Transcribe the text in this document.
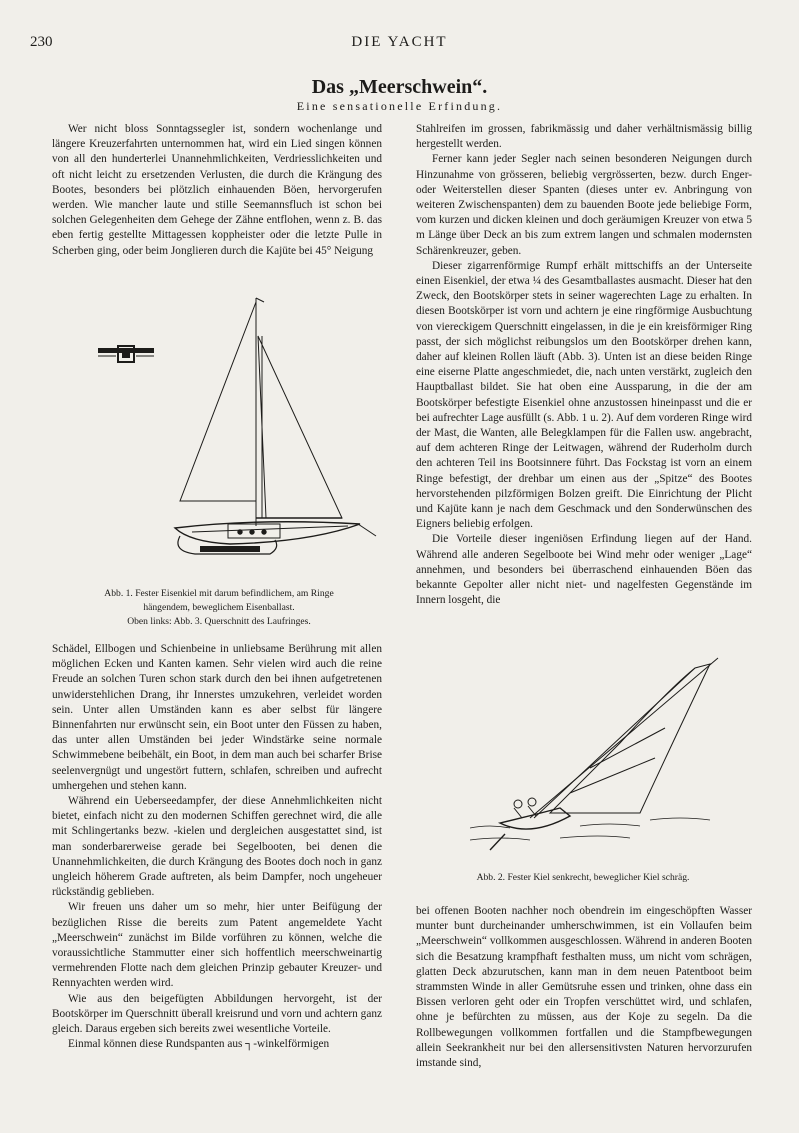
230	DIE YACHT
Das „Meerschwein“.
Eine sensationelle Erfindung.

Wer nicht bloss Sonntagssegler ist, sondern wochenlange und längere Kreuzerfahrten unternommen hat, wird ein Lied singen können von all den hunderterlei Unannehmlichkeiten, Verdriesslichkeiten und oft nicht leicht zu ersetzenden Verlusten, die durch die Krängung des Bootes, besonders bei plötzlich einhauenden Böen, hervorgerufen werden. Wie mancher laute und stille Seemannsfluch ist schon bei solchen Gelegenheiten dem Gehege der Zähne entflohen, wenn z. B. das eben fertig gestellte Mittagessen koppheister oder die letzte Pulle in Scherben ging, oder beim Jonglieren durch die Kajüte bei 45° Neigung

Abb. 1. Fester Eisenkiel mit darum befindlichem, am Ringe
hängendem, beweglichem Eisenballast.
Oben links: Abb. 3. Querschnitt des Laufringes.

Schädel, Ellbogen und Schienbeine in unliebsame Berührung mit allen möglichen Ecken und Kanten kamen. Sehr vielen wird auch die reine Freude an solchen Turen schon stark durch den bei ihnen aufgetretenen unwiderstehlichen Drang, ihr Innerstes umzukehren, verleidet worden sein. Unter allen Umständen kann es aber selbst für längere Binnenfahrten nur erwünscht sein, ein Boot unter den Füssen zu haben, das unter allen Umständen bei jeder Windstärke seine normale Schwimmebene beibehält, ein Boot, in dem man auch bei scharfer Brise seelenvergnügt und ungestört futtern, schlafen, schreiben und aufrecht umhergehen und stehen kann.

Während ein Ueberseedampfer, der diese Annehmlichkeiten nicht bietet, einfach nicht zu den modernen Schiffen gerechnet wird, die alle mit Schlingertanks bezw. -kielen und dergleichen ausgestattet sind, ist man sonderbarerweise gerade bei Segelbooten, bei denen die Unannehmlichkeiten, die durch Krängung des Bootes doch noch in ganz ungleich höherem Grade auftreten, als beim Dampfer, noch ungeheuer rückständig geblieben.

Wir freuen uns daher um so mehr, hier unter Beifügung der bezüglichen Risse die bereits zum Patent angemeldete Yacht „Meerschwein“ zunächst im Bilde vorführen zu können, welche die voraussichtliche Stammutter einer sich hoffentlich meerschweinartig vermehrenden Flotte nach dem gleichen Prinzip gebauter Kreuzer- und Rennyachten werden wird.

Wie aus den beigefügten Abbildungen hervorgeht, ist der Bootskörper im Querschnitt überall kreisrund und vorn und achtern ganz gleich. Daraus ergeben sich bereits zwei wesentliche Vorteile.

Einmal können diese Rundspanten aus ┐-winkelförmigen

Stahlreifen im grossen, fabrikmässig und daher verhältnismässig billig hergestellt werden.

Ferner kann jeder Segler nach seinen besonderen Neigungen durch Hinzunahme von grösseren, beliebig vergrösserten, bezw. durch Enger- oder Weiterstellen dieser Spanten (dieses unter ev. Anbringung von weiteren Zwischenspanten) dem zu bauenden Boote jede beliebige Form, vom kurzen und dicken kleinen und doch geräumigen Kreuzer von etwa 5 m Länge über Deck an bis zum extrem langen und schmalen modernsten Schärenkreuzer, geben.

Dieser zigarrenförmige Rumpf erhält mittschiffs an der Unterseite einen Eisenkiel, der etwa ¼ des Gesamtballastes ausmacht. Dieser hat den Zweck, den Bootskörper stets in seiner wagerechten Lage zu erhalten. In diesen Bootskörper ist vorn und achtern je eine ringförmige Ausbuchtung von viereckigem Querschnitt eingelassen, in die je ein kreisförmiger Ring passt, der sich möglichst reibungslos um den Bootskörper drehen kann, daher auf kleinen Rollen läuft (Abb. 3). Unten ist an diese beiden Ringe eine eiserne Platte angeschmiedet, die, nach unten verstärkt, zugleich den Hauptballast bildet. Sie hat oben eine Aussparung, in die der am Bootskörper befestigte Eisenkiel ohne anzustossen hineinpasst und die er bei aufrechter Lage ausfüllt (s. Abb. 1 u. 2). Auf dem vorderen Ringe wird der Mast, die Wanten, alle Belegklampen für die Fallen usw. angebracht, auf dem achteren Ringe der Leitwagen, während der Ruderholm durch den achteren Teil ins Bootsinnere führt. Das Fockstag ist vorn an einem Ringe befestigt, der drehbar um einen aus der „Spitze“ des Bootes hervorstehenden pilzförmigen Bolzen greift. Die Einrichtung der Plicht und Kajüte kann je nach dem Geschmack und den Sonderwünschen des Eigners beliebig erfolgen.

Die Vorteile dieser ingeniösen Erfindung liegen auf der Hand. Während alle anderen Segelboote bei Wind mehr oder weniger „Lage“ annehmen, und besonders bei überraschend einhauenden Böen das bekannte Gepolter aller nicht niet- und nagelfesten Gegenstände im Innern losgeht, die

Abb. 2. Fester Kiel senkrecht, beweglicher Kiel schräg.

bei offenen Booten nachher noch obendrein im eingeschöpften Wasser munter bunt durcheinander umherschwimmen, ist ein Vollaufen beim „Meerschwein“ vollkommen ausgeschlossen. Während in anderen Booten sich die Besatzung krampfhaft festhalten muss, um nicht vom schrägen, glatten Deck abzurutschen, kann man in dem neuen Patentboot beim strammsten Winde in aller Gemütsruhe essen und trinken, ohne dass ein Bissen verloren geht oder ein Tropfen verschüttet wird, und schlafen, ohne je befürchten zu müssen, aus der Koje zu segeln. Da die Rollbewegungen vollkommen fortfallen und die Stampfbewegungen allein Seekrankheit nur bei den allersensitivsten Naturen hervorzurufen imstande sind,
